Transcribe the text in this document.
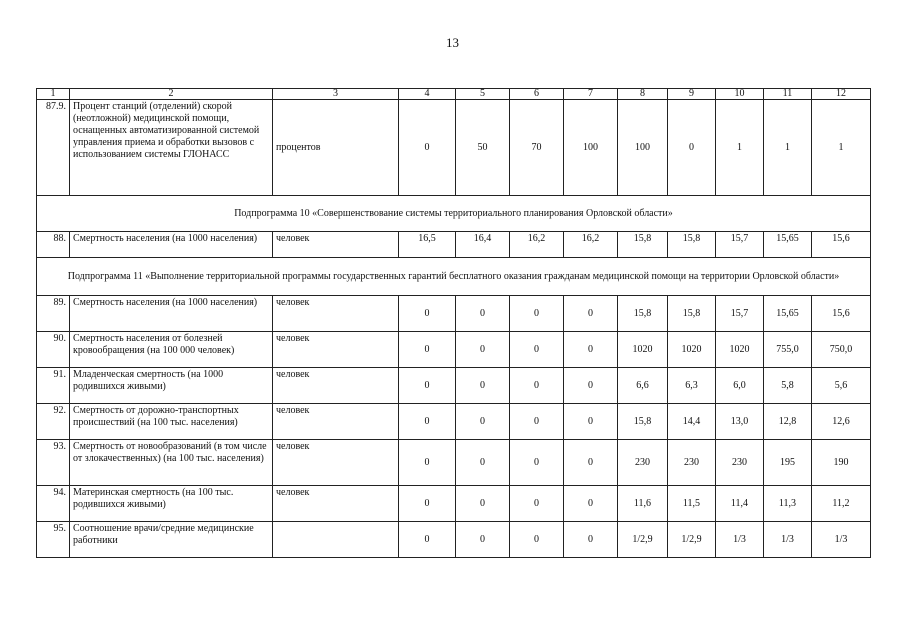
13
1	2	3	4	5	6	7	8	9	10	11	12
87.9.	Процент станций (отделений) скорой (неотложной) медицинской помощи, оснащенных автоматизированной системой управления приема и обработки вызовов с использованием системы ГЛОНАСС	процентов	0	50	70	100	100	0	1	1	1
Подпрограмма 10 «Совершенствование системы территориального планирования Орловской области»											
88.	Смертность населения (на 1000 населения)	человек	16,5	16,4	16,2	16,2	15,8	15,8	15,7	15,65	15,6
Подпрограмма 11 «Выполнение территориальной программы государственных гарантий бесплатного оказания гражданам медицинской помощи на территории Орловской области»											
89.	Смертность населения (на 1000 населения)	человек	0	0	0	0	15,8	15,8	15,7	15,65	15,6
90.	Смертность населения от болезней кровообращения (на 100 000 человек)	человек	0	0	0	0	1020	1020	1020	755,0	750,0
91.	Младенческая смертность (на 1000 родившихся живыми)	человек	0	0	0	0	6,6	6,3	6,0	5,8	5,6
92.	Смертность от дорожно-транспортных происшествий (на 100 тыс. населения)	человек	0	0	0	0	15,8	14,4	13,0	12,8	12,6
93.	Смертность от новообразований (в том числе от злокачественных) (на 100 тыс. населения)	человек	0	0	0	0	230	230	230	195	190
94.	Материнская смертность (на 100 тыс. родившихся живыми)	человек	0	0	0	0	11,6	11,5	11,4	11,3	11,2
95.	Соотношение врачи/средние медицинские работники		0	0	0	0	1/2,9	1/2,9	1/3	1/3	1/3
